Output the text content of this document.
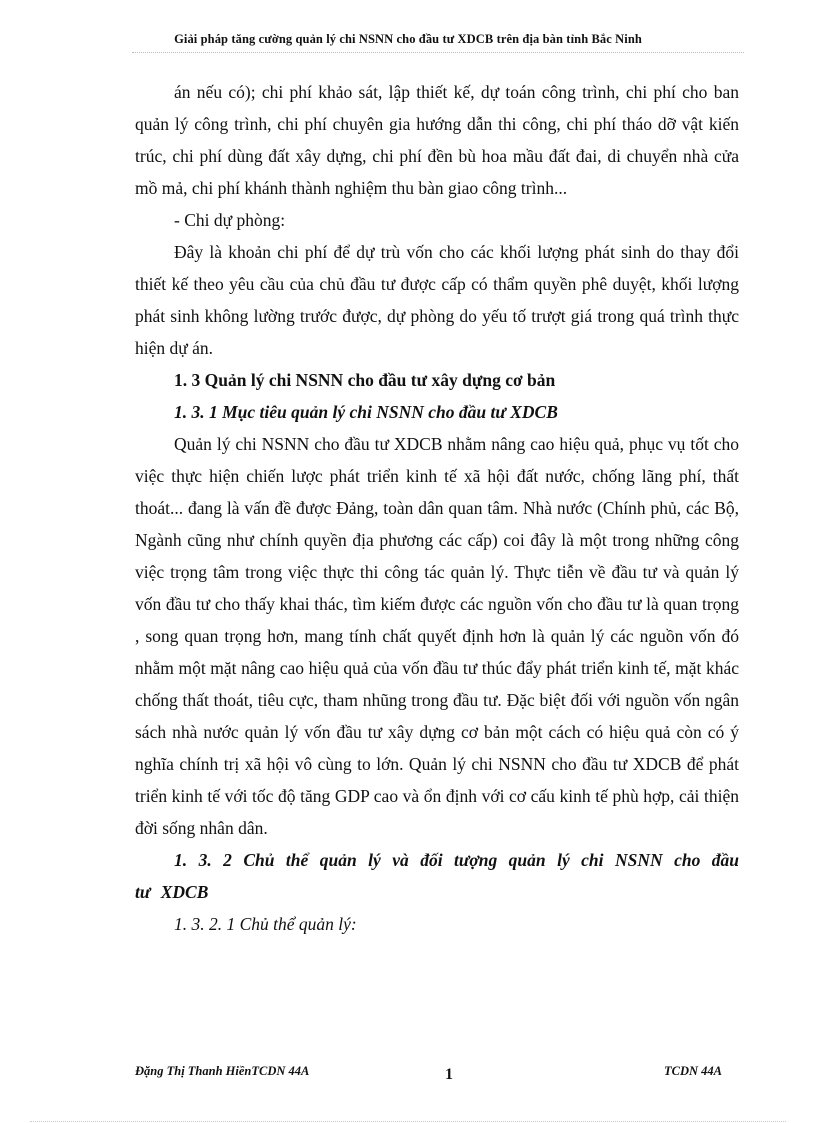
Giải pháp tăng cường quản lý chi NSNN cho đầu tư XDCB trên địa bàn tỉnh Bắc Ninh

án nếu có); chi phí khảo sát, lập thiết kế, dự toán công trình, chi phí cho ban quản lý công trình, chi phí chuyên gia hướng dẫn thi công, chi phí tháo dỡ vật kiến trúc, chi phí dùng đất xây dựng, chi phí đền bù hoa mầu đất đai, di chuyển nhà cửa mồ mả, chi phí khánh thành nghiệm thu bàn giao công trình...

- Chi dự phòng:

Đây là khoản chi phí để dự trù vốn cho các khối lượng phát sinh do thay đổi thiết kế theo yêu cầu của chủ đầu tư được cấp có thẩm quyền phê duyệt, khối lượng phát sinh không lường trước được, dự phòng do yếu tố trượt giá trong quá trình thực hiện dự án.

1. 3 Quản lý chi NSNN cho đầu tư xây dựng cơ bản

1. 3. 1 Mục tiêu quản lý chi NSNN cho đầu tư XDCB

Quản lý chi NSNN cho đầu tư XDCB nhằm nâng cao hiệu quả, phục vụ tốt cho việc thực hiện chiến lược phát triển kinh tế xã hội đất nước, chống lãng phí, thất thoát... đang là vấn đề được Đảng, toàn dân quan tâm. Nhà nước (Chính phủ, các Bộ, Ngành cũng như chính quyền địa phương các cấp) coi đây là một trong những công việc trọng tâm trong việc thực thi công tác quản lý. Thực tiễn về đầu tư và quản lý vốn đầu tư cho thấy khai thác, tìm kiếm được các nguồn vốn cho đầu tư là quan trọng , song quan trọng hơn, mang tính chất quyết định hơn là quản lý các nguồn vốn đó nhằm một mặt nâng cao hiệu quả của vốn đầu tư thúc đẩy phát triển kinh tế, mặt khác chống thất thoát, tiêu cực, tham nhũng trong đầu tư. Đặc biệt đối với nguồn vốn ngân sách nhà nước quản lý vốn đầu tư xây dựng cơ bản một cách có hiệu quả còn có ý nghĩa chính trị xã hội vô cùng to lớn. Quản lý chi NSNN cho đầu tư XDCB để phát triển kinh tế với tốc độ tăng GDP cao và ổn định với cơ cấu kinh tế phù hợp, cải thiện đời sống nhân dân.

1. 3. 2 Chủ thể quản lý và đối tượng quản lý chi NSNN cho đầu tư XDCB

1. 3. 2. 1 Chủ thể quản lý:

Đặng Thị Thanh HiềnTCDN 44A	1	TCDN 44A
